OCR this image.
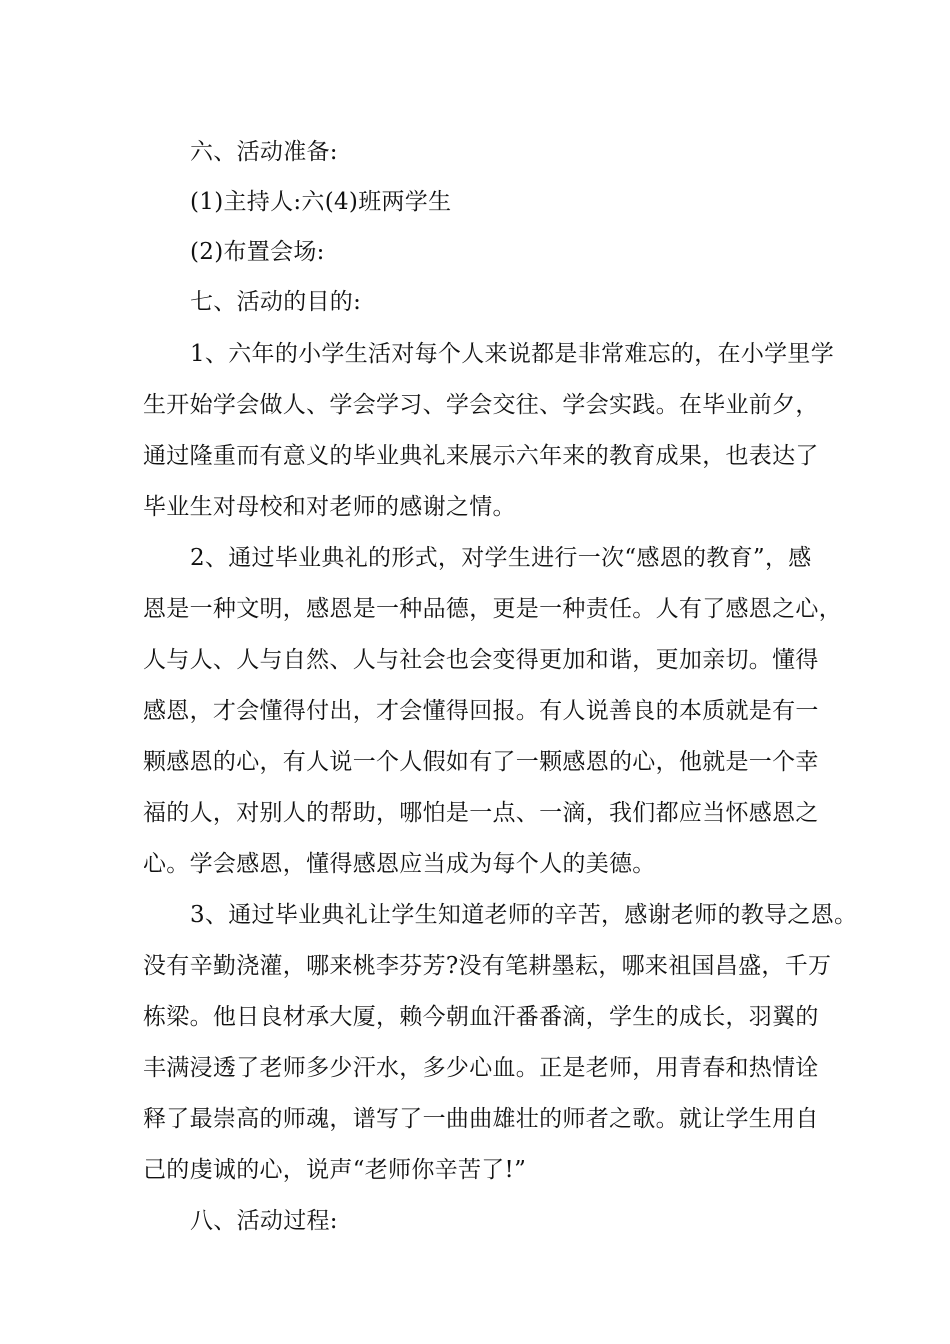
六、活动准备:
(1)主持人:六(4)班两学生
(2)布置会场:
七、活动的目的:
1、六年的小学生活对每个人来说都是非常难忘的，在小学里学
生开始学会做人、学会学习、学会交往、学会实践。在毕业前夕，
通过隆重而有意义的毕业典礼来展示六年来的教育成果，也表达了
毕业生对母校和对老师的感谢之情。
2、通过毕业典礼的形式，对学生进行一次“感恩的教育”，感
恩是一种文明，感恩是一种品德，更是一种责任。人有了感恩之心，
人与人、人与自然、人与社会也会变得更加和谐，更加亲切。懂得
感恩，才会懂得付出，才会懂得回报。有人说善良的本质就是有一
颗感恩的心，有人说一个人假如有了一颗感恩的心，他就是一个幸
福的人，对别人的帮助，哪怕是一点、一滴，我们都应当怀感恩之
心。学会感恩，懂得感恩应当成为每个人的美德。
3、通过毕业典礼让学生知道老师的辛苦，感谢老师的教导之恩。
没有辛勤浇灌，哪来桃李芬芳?没有笔耕墨耘，哪来祖国昌盛，千万
栋梁。他日良材承大厦，赖今朝血汗番番滴，学生的成长，羽翼的
丰满浸透了老师多少汗水，多少心血。正是老师，用青春和热情诠
释了最崇高的师魂，谱写了一曲曲雄壮的师者之歌。就让学生用自
己的虔诚的心，说声“老师你辛苦了!”
八、活动过程:
